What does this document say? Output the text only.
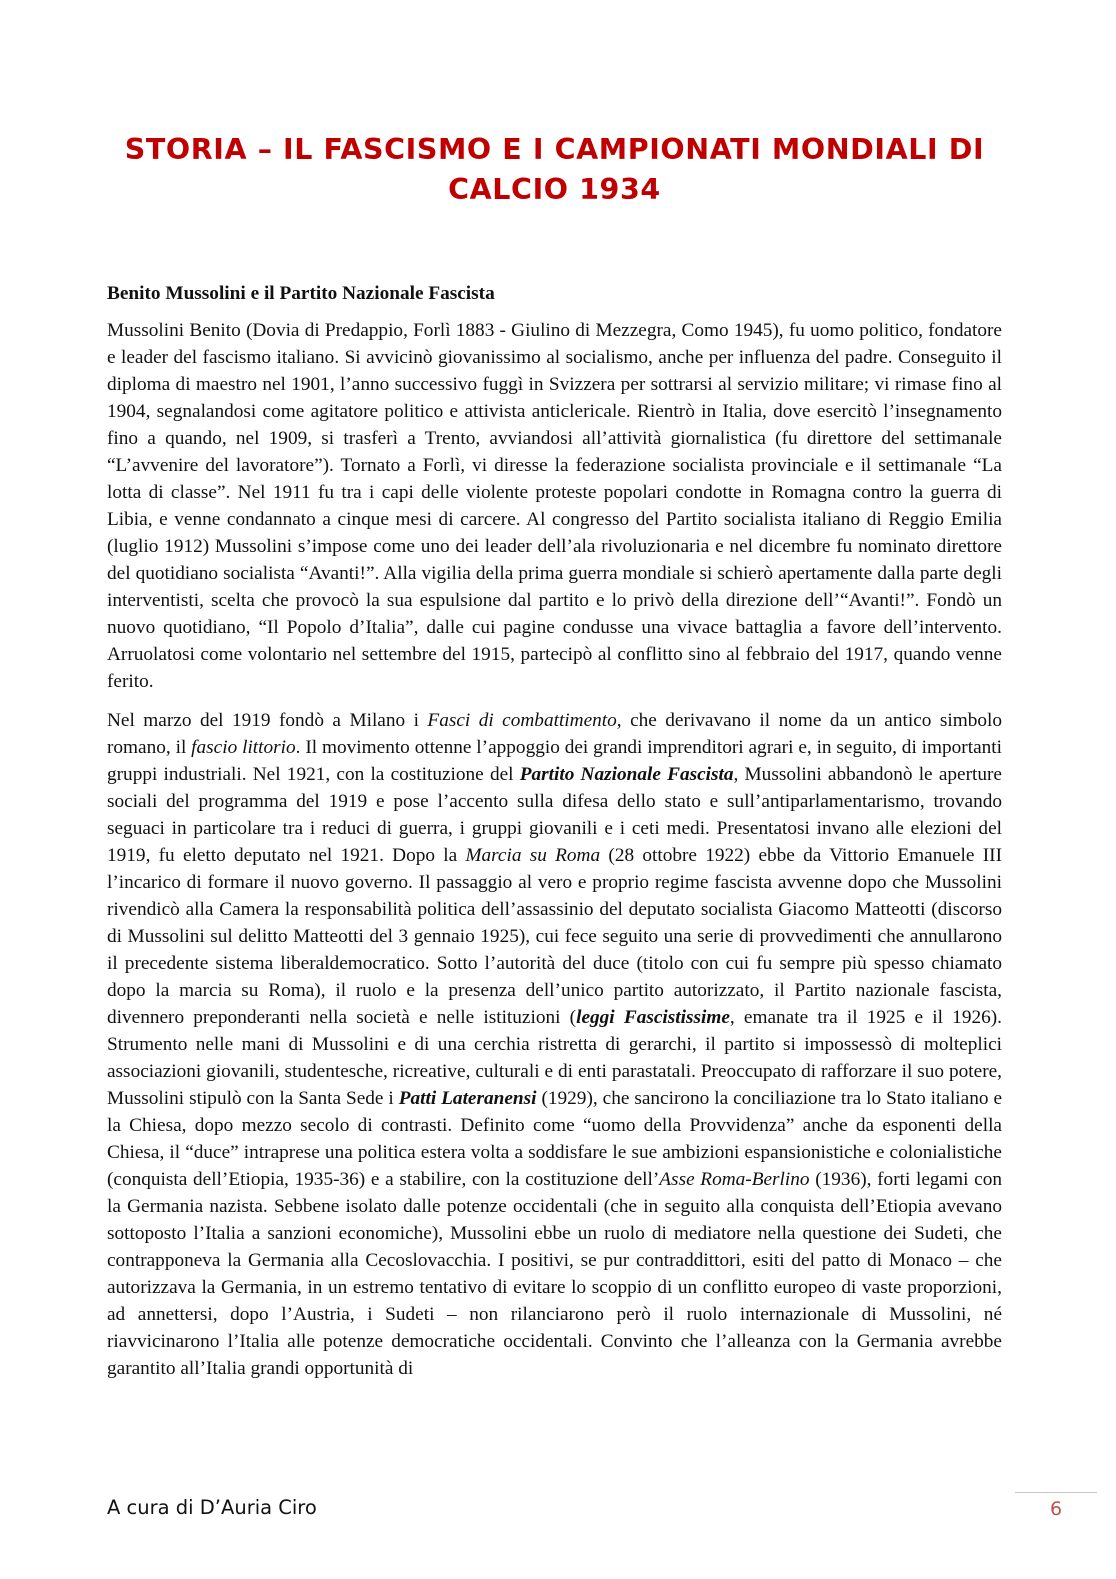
STORIA – IL FASCISMO E I CAMPIONATI MONDIALI DI
CALCIO 1934
Benito Mussolini e il Partito Nazionale Fascista

Mussolini Benito (Dovia di Predappio, Forlì 1883 - Giulino di Mezzegra, Como 1945), fu uomo politico, fondatore e leader del fascismo italiano. Si avvicinò giovanissimo al socialismo, anche per influenza del padre. Conseguito il diploma di maestro nel 1901, l’anno successivo fuggì in Svizzera per sottrarsi al servizio militare; vi rimase fino al 1904, segnalandosi come agitatore politico e attivista anticlericale. Rientrò in Italia, dove esercitò l’insegnamento fino a quando, nel 1909, si trasferì a Trento, avviandosi all’attività giornalistica (fu direttore del settimanale “L’avvenire del lavoratore”). Tornato a Forlì, vi diresse la federazione socialista provinciale e il settimanale “La lotta di classe”. Nel 1911 fu tra i capi delle violente proteste popolari condotte in Romagna contro la guerra di Libia, e venne condannato a cinque mesi di carcere. Al congresso del Partito socialista italiano di Reggio Emilia (luglio 1912) Mussolini s’impose come uno dei leader dell’ala rivoluzionaria e nel dicembre fu nominato direttore del quotidiano socialista “Avanti!”. Alla vigilia della prima guerra mondiale si schierò apertamente dalla parte degli interventisti, scelta che provocò la sua espulsione dal partito e lo privò della direzione dell’“Avanti!”. Fondò un nuovo quotidiano, “Il Popolo d’Italia”, dalle cui pagine condusse una vivace battaglia a favore dell’intervento. Arruolatosi come volontario nel settembre del 1915, partecipò al conflitto sino al febbraio del 1917, quando venne ferito.

Nel marzo del 1919 fondò a Milano i Fasci di combattimento, che derivavano il nome da un antico simbolo romano, il fascio littorio. Il movimento ottenne l’appoggio dei grandi imprenditori agrari e, in seguito, di importanti gruppi industriali. Nel 1921, con la costituzione del Partito Nazionale Fascista, Mussolini abbandonò le aperture sociali del programma del 1919 e pose l’accento sulla difesa dello stato e sull’antiparlamentarismo, trovando seguaci in particolare tra i reduci di guerra, i gruppi giovanili e i ceti medi. Presentatosi invano alle elezioni del 1919, fu eletto deputato nel 1921. Dopo la Marcia su Roma (28 ottobre 1922) ebbe da Vittorio Emanuele III l’incarico di formare il nuovo governo. Il passaggio al vero e proprio regime fascista avvenne dopo che Mussolini rivendicò alla Camera la responsabilità politica dell’assassinio del deputato socialista Giacomo Matteotti (discorso di Mussolini sul delitto Matteotti del 3 gennaio 1925), cui fece seguito una serie di provvedimenti che annullarono il precedente sistema liberaldemocratico. Sotto l’autorità del duce (titolo con cui fu sempre più spesso chiamato dopo la marcia su Roma), il ruolo e la presenza dell’unico partito autorizzato, il Partito nazionale fascista, divennero preponderanti nella società e nelle istituzioni (leggi Fascistissime, emanate tra il 1925 e il 1926). Strumento nelle mani di Mussolini e di una cerchia ristretta di gerarchi, il partito si impossessò di molteplici associazioni giovanili, studentesche, ricreative, culturali e di enti parastatali. Preoccupato di rafforzare il suo potere, Mussolini stipulò con la Santa Sede i Patti Lateranensi (1929), che sancirono la conciliazione tra lo Stato italiano e la Chiesa, dopo mezzo secolo di contrasti. Definito come “uomo della Provvidenza” anche da esponenti della Chiesa, il “duce” intraprese una politica estera volta a soddisfare le sue ambizioni espansionistiche e colonialistiche (conquista dell’Etiopia, 1935-36) e a stabilire, con la costituzione dell’Asse Roma-Berlino (1936), forti legami con la Germania nazista. Sebbene isolato dalle potenze occidentali (che in seguito alla conquista dell’Etiopia avevano sottoposto l’Italia a sanzioni economiche), Mussolini ebbe un ruolo di mediatore nella questione dei Sudeti, che contrapponeva la Germania alla Cecoslovacchia. I positivi, se pur contraddittori, esiti del patto di Monaco – che autorizzava la Germania, in un estremo tentativo di evitare lo scoppio di un conflitto europeo di vaste proporzioni, ad annettersi, dopo l’Austria, i Sudeti – non rilanciarono però il ruolo internazionale di Mussolini, né riavvicinarono l’Italia alle potenze democratiche occidentali. Convinto che l’alleanza con la Germania avrebbe garantito all’Italia grandi opportunità di

A cura di D’Auria Ciro	6
